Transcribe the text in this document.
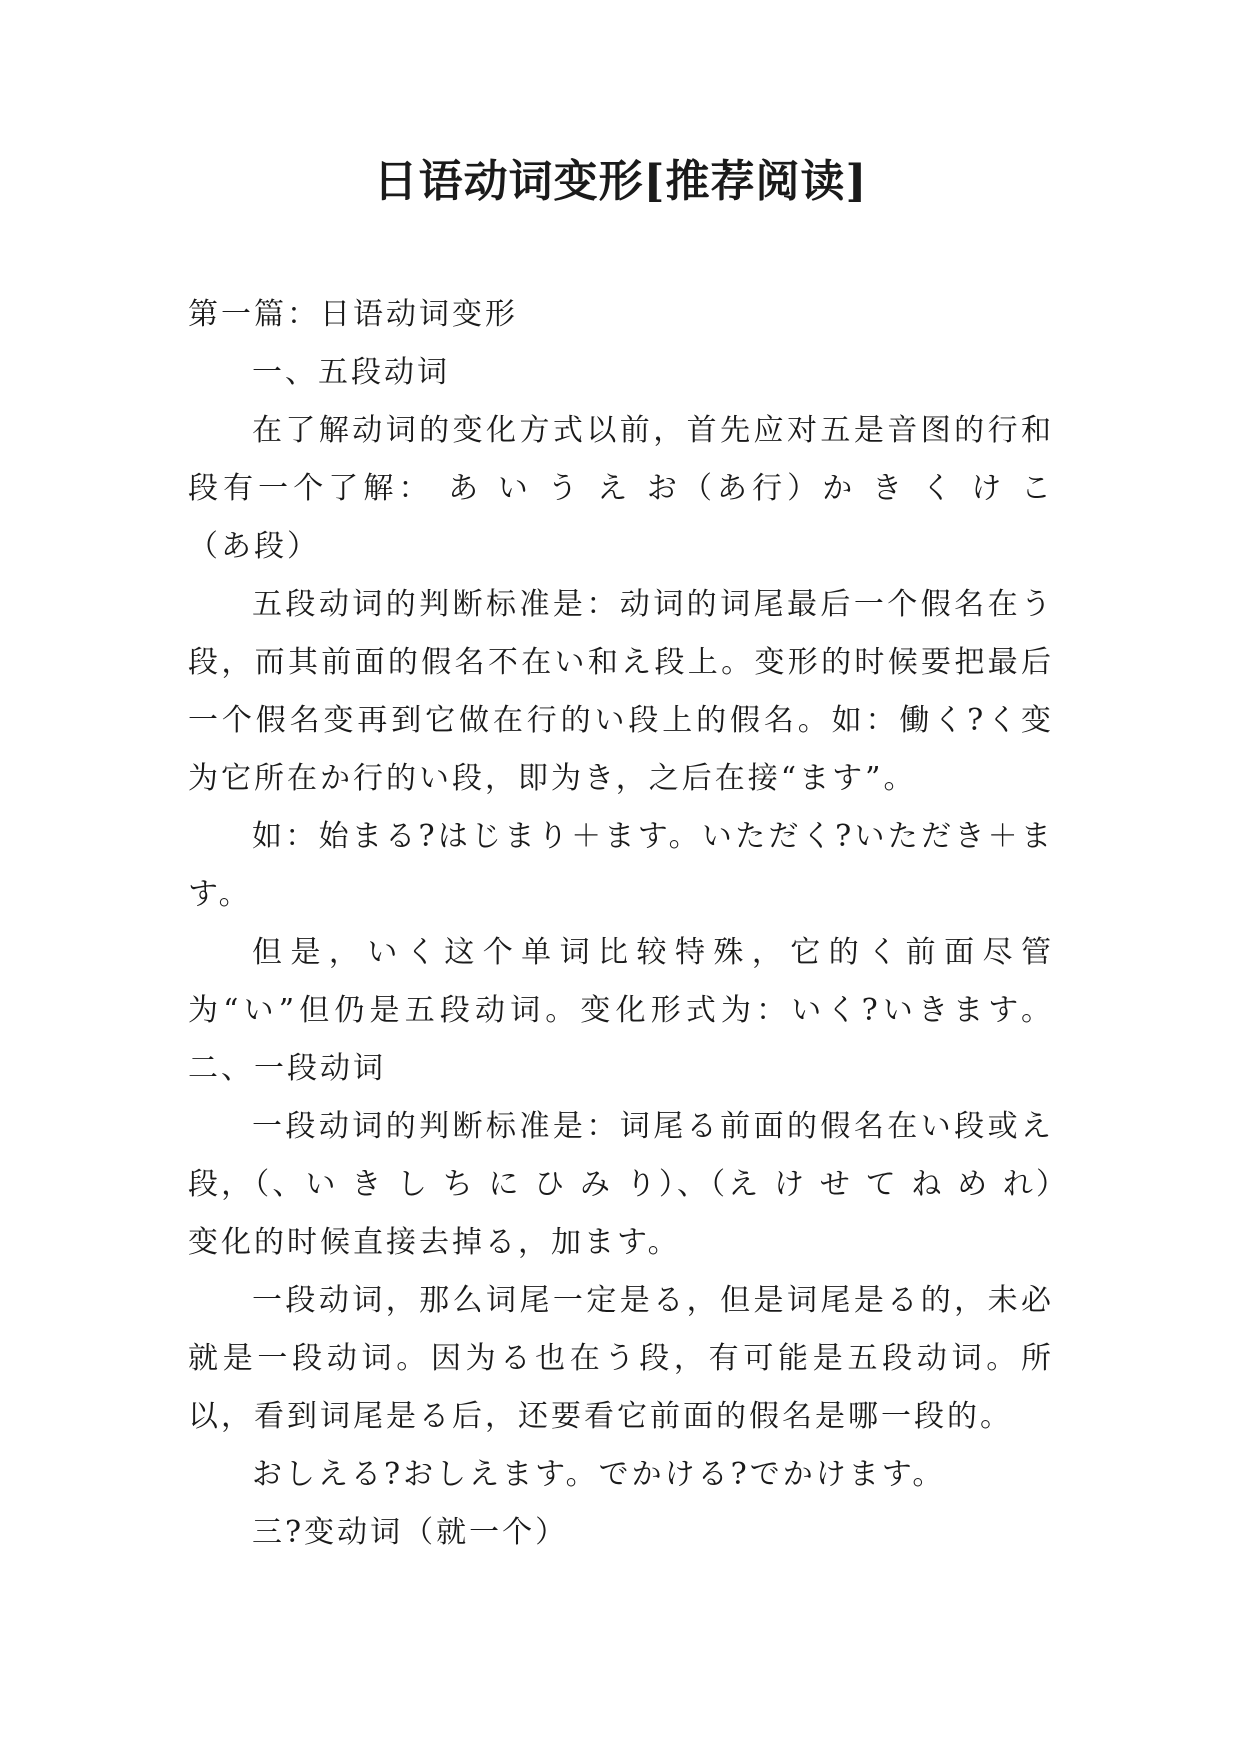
日语动词变形[推荐阅读]

第一篇：日语动词变形

一、五段动词

在了解动词的变化方式以前，首先应对五是音图的行和段有一个了解： あ い う え お（あ行）か き く け こ（あ段）

五段动词的判断标准是：动词的词尾最后一个假名在う段，而其前面的假名不在い和え段上。变形的时候要把最后一个假名变再到它做在行的い段上的假名。如：働く?く变为它所在か行的い段，即为き，之后在接“ます”。

如：始まる?はじまり＋ます。いただく?いただき＋ます。

但是，いく这个单词比较特殊，它的く前面尽管为“い”但仍是五段动词。变化形式为：いく?いきます。二、一段动词

一段动词的判断标准是：词尾る前面的假名在い段或え段，（、い き し ち に ひ み り）、（え け せ て ね め れ）变化的时候直接去掉る，加ます。

一段动词，那么词尾一定是る，但是词尾是る的，未必就是一段动词。因为る也在う段，有可能是五段动词。所以，看到词尾是る后，还要看它前面的假名是哪一段的。

おしえる?おしえます。でかける?でかけます。

三?变动词（就一个）
